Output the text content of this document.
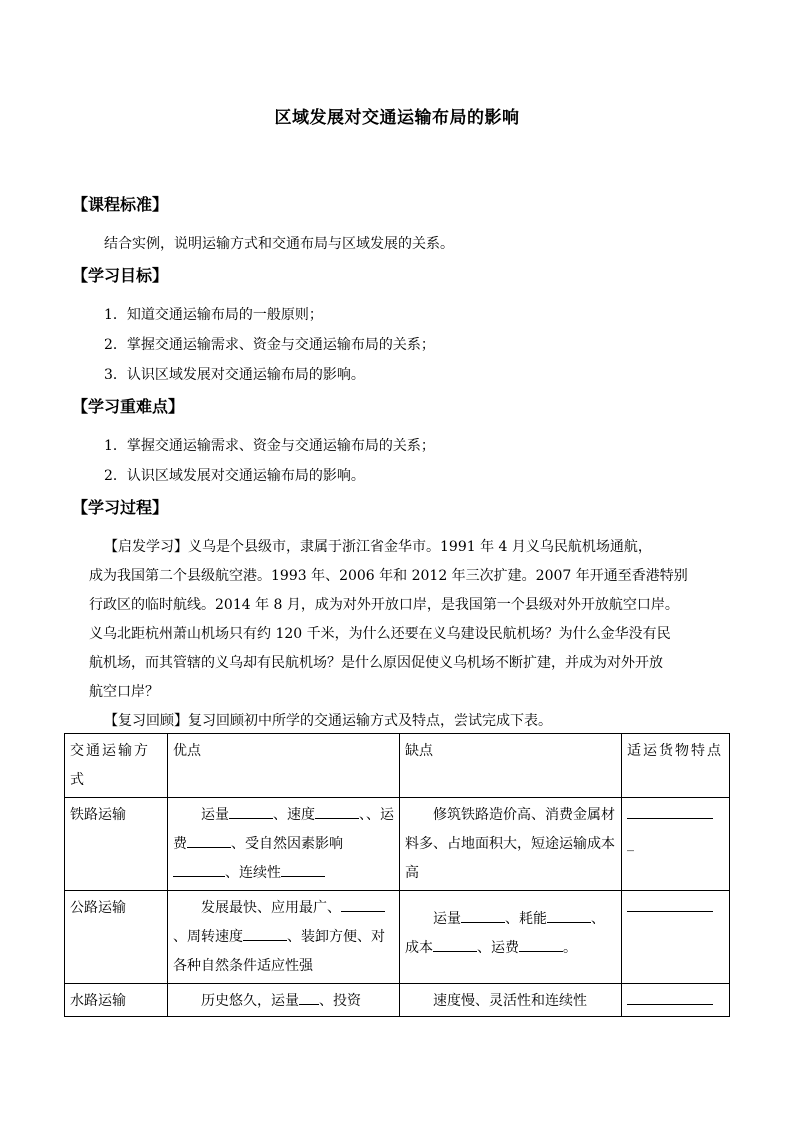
区域发展对交通运输布局的影响
【课程标准】
结合实例，说明运输方式和交通布局与区域发展的关系。
【学习目标】
1．知道交通运输布局的一般原则；
2．掌握交通运输需求、资金与交通运输布局的关系；
3．认识区域发展对交通运输布局的影响。
【学习重难点】
1．掌握交通运输需求、资金与交通运输布局的关系；
2．认识区域发展对交通运输布局的影响。
【学习过程】
【启发学习】义乌是个县级市，隶属于浙江省金华市。1991 年 4 月义乌民航机场通航，
成为我国第二个县级航空港。1993 年、2006 年和 2012 年三次扩建。2007 年开通至香港特别
行政区的临时航线。2014 年 8 月，成为对外开放口岸，是我国第一个县级对外开放航空口岸。
义乌北距杭州萧山机场只有约 120 千米，为什么还要在义乌建设民航机场？为什么金华没有民
航机场，而其管辖的义乌却有民航机场？是什么原因促使义乌机场不断扩建，并成为对外开放
航空口岸？
【复习回顾】复习回顾初中所学的交通运输方式及特点，尝试完成下表。
交通运输方式	优点	缺点	适运货物特点
铁路运输	运量 、速度 、、运费 、受自然因素影响、连续性	修筑铁路造价高、消费金属材料多、占地面积大，短途运输成本高	_
公路运输	发展最快、应用最广、、周转速度 、装卸方便、对各种自然条件适应性强	运量 、耗能 、成本 、运费 。	

水路运输	历史悠久，运量 、投资	速度慢、灵活性和连续性	
